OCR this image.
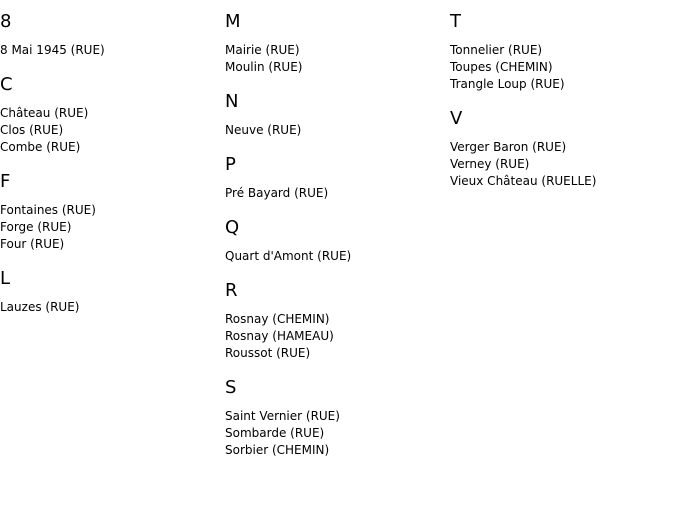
8
8 Mai 1945 (RUE)
C
Château (RUE)
Clos (RUE)
Combe (RUE)
F
Fontaines (RUE)
Forge (RUE)
Four (RUE)
L
Lauzes (RUE)
M
Mairie (RUE)
Moulin (RUE)
N
Neuve (RUE)
P
Pré Bayard (RUE)
Q
Quart d'Amont (RUE)
R
Rosnay (CHEMIN)
Rosnay (HAMEAU)
Roussot (RUE)
S
Saint Vernier (RUE)
Sombarde (RUE)
Sorbier (CHEMIN)
T
Tonnelier (RUE)
Toupes (CHEMIN)
Trangle Loup (RUE)
V
Verger Baron (RUE)
Verney (RUE)
Vieux Château (RUELLE)
